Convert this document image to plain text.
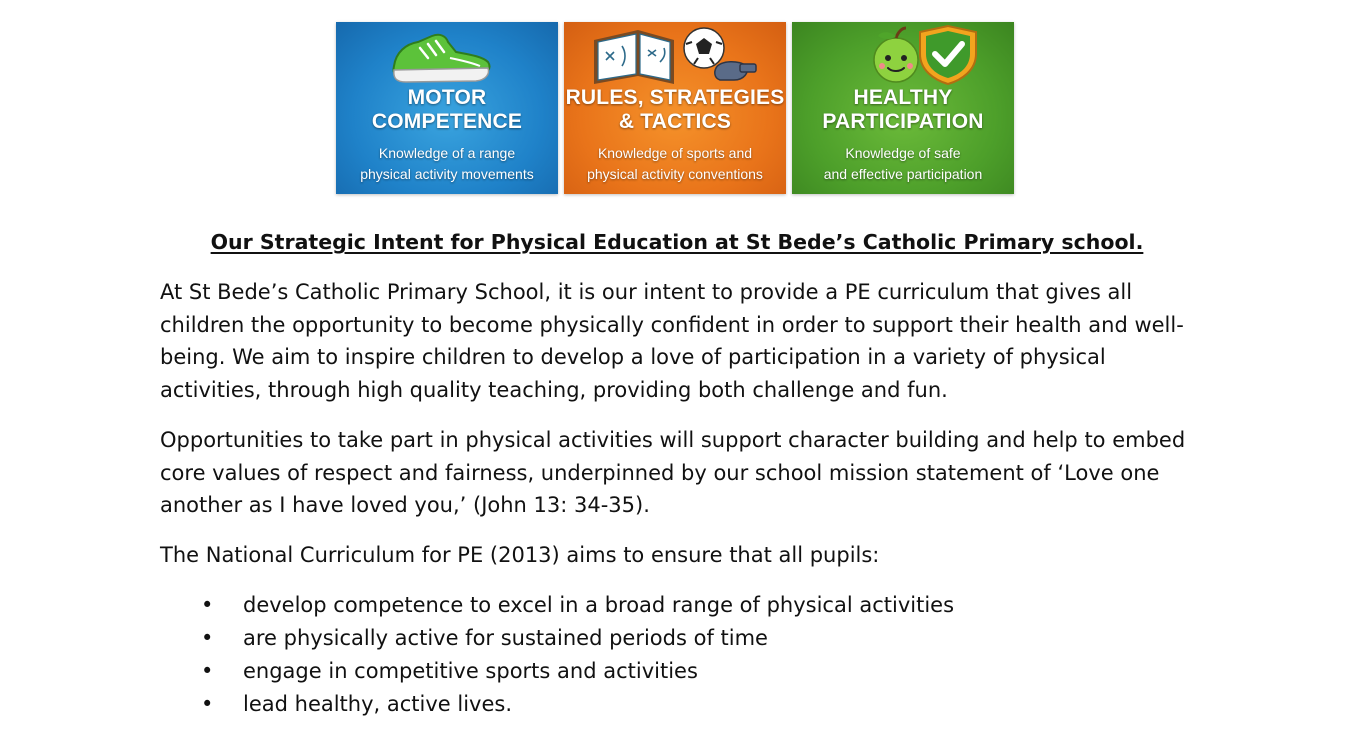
MOTOR
COMPETENCE
Knowledge of a range
physical activity movements
RULES, STRATEGIES
& TACTICS
Knowledge of sports and
physical activity conventions
HEALTHY
PARTICIPATION
Knowledge of safe
and effective participation
Our Strategic Intent for Physical Education at St Bede’s Catholic Primary school.

At St Bede’s Catholic Primary School, it is our intent to provide a PE curriculum that gives all children the opportunity to become physically confident in order to support their health and well-being. We aim to inspire children to develop a love of participation in a variety of physical activities, through high quality teaching, providing both challenge and fun.

Opportunities to take part in physical activities will support character building and help to embed core values of respect and fairness, underpinned by our school mission statement of ‘Love one another as I have loved you,’ (John 13: 34-35).

The National Curriculum for PE (2013) aims to ensure that all pupils:

• develop competence to excel in a broad range of physical activities
• are physically active for sustained periods of time
• engage in competitive sports and activities
• lead healthy, active lives.
